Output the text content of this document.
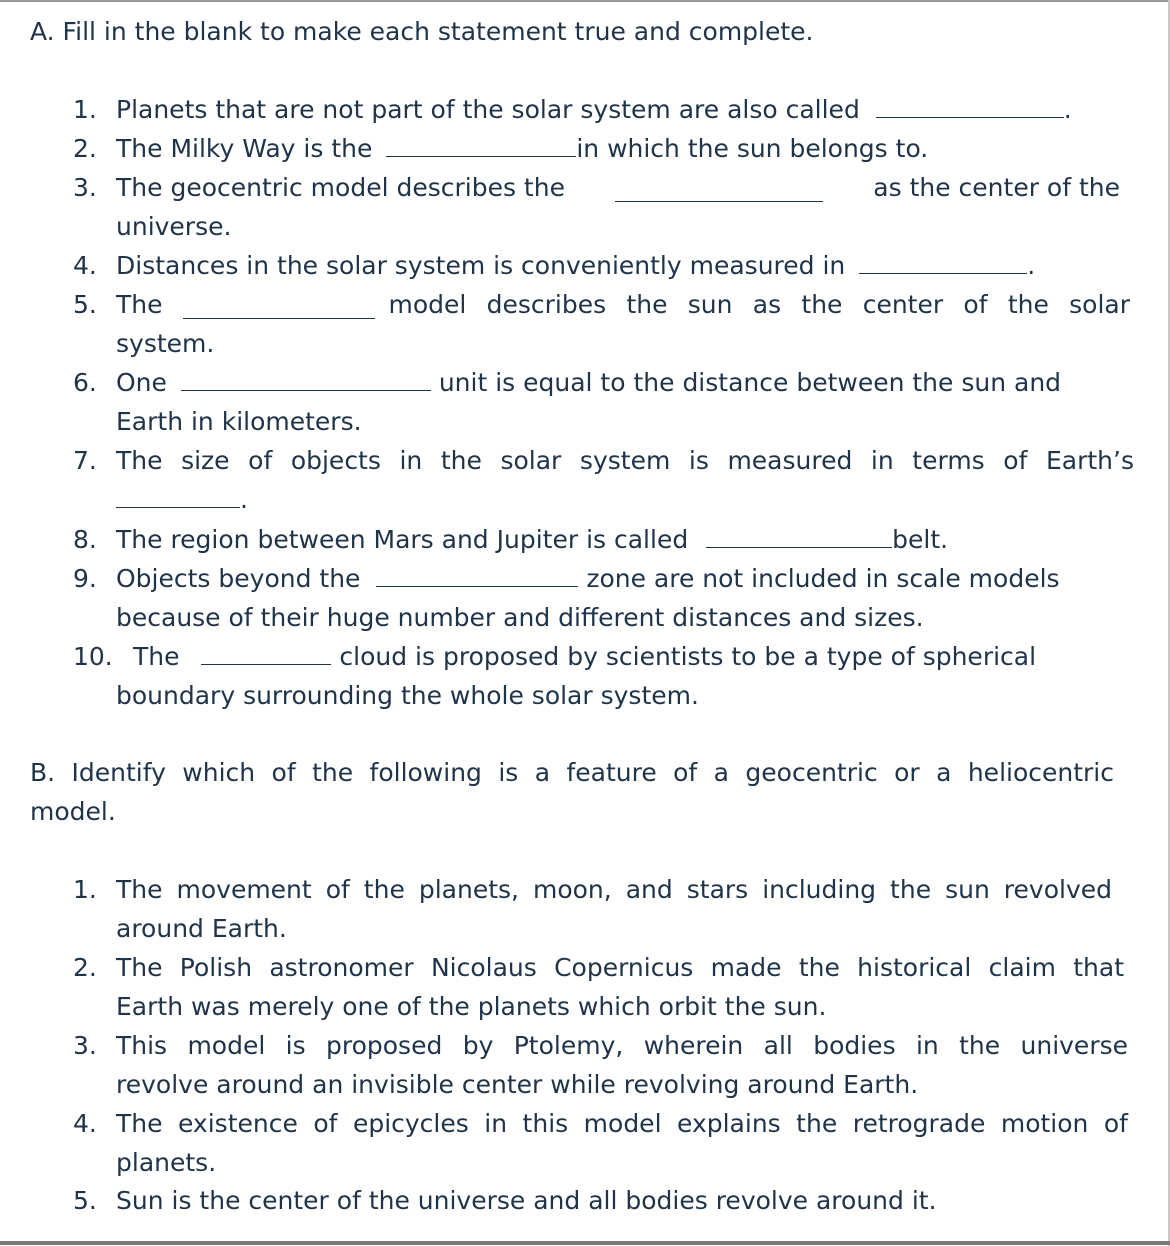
A. Fill in the blank to make each statement true and complete.
1. Planets that are not part of the solar system are also called	.
2. The Milky Way is the	in which the sun belongs to.
3. The geocentric model describes the	as the center of the
universe.
4. Distances in the solar system is conveniently measured in	.
5. The	model describes the sun as the center of the solar
system.
6. One	unit is equal to the distance between the sun and
Earth in kilometers.
7. The size of objects in the solar system is measured in terms of Earth’s
.
8. The region between Mars and Jupiter is called	belt.
9. Objects beyond the	zone are not included in scale models
because of their huge number and different distances and sizes.
10. The	cloud is proposed by scientists to be a type of spherical
boundary surrounding the whole solar system.
B. Identify which of the following is a feature of a geocentric or a heliocentric
model.
1. The movement of the planets, moon, and stars including the sun revolved
around Earth.
2. The Polish astronomer Nicolaus Copernicus made the historical claim that
Earth was merely one of the planets which orbit the sun.
3. This model is proposed by Ptolemy, wherein all bodies in the universe
revolve around an invisible center while revolving around Earth.
4. The existence of epicycles in this model explains the retrograde motion of
planets.
5. Sun is the center of the universe and all bodies revolve around it.
